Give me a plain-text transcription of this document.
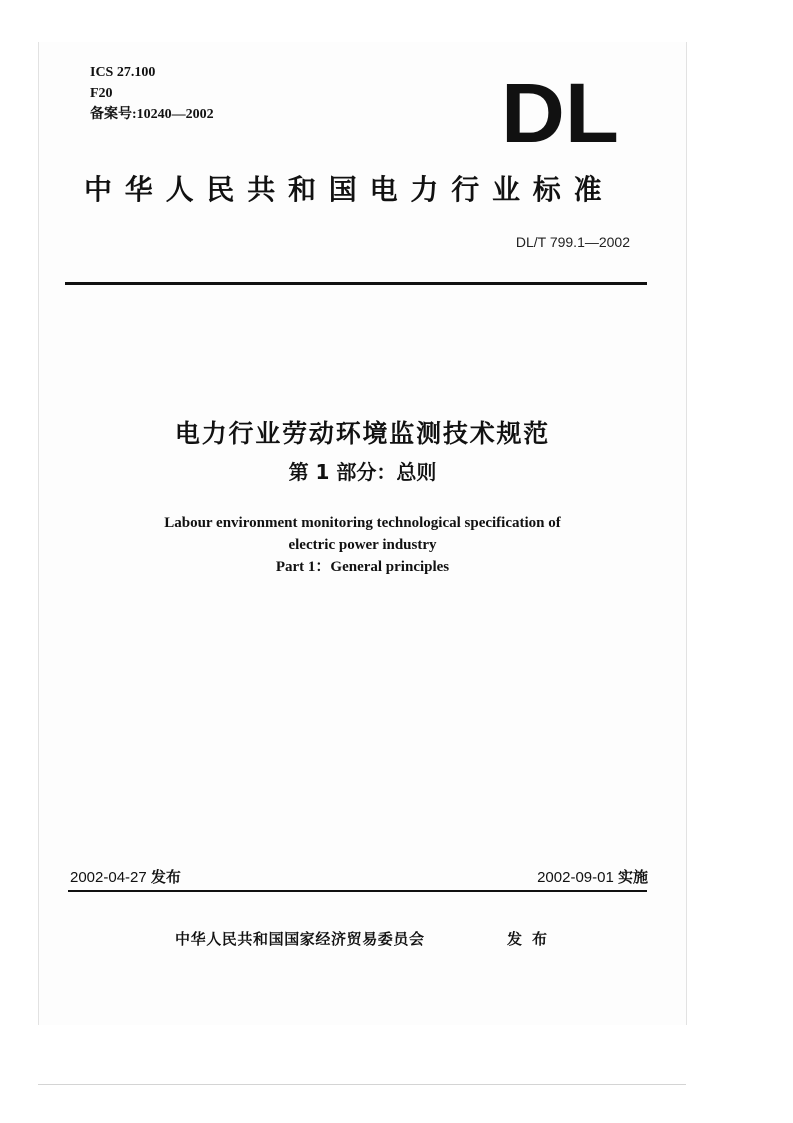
ICS 27.100
F20
备案号:10240—2002	DL
中华人民共和国电力行业标准
DL/T 799.1—2002
电力行业劳动环境监测技术规范
第 1 部分：总则
Labour environment monitoring technological specification of
electric power industry
Part 1：General principles
2002-04-27 发布	2002-09-01 实施
中华人民共和国国家经济贸易委员会	发布
